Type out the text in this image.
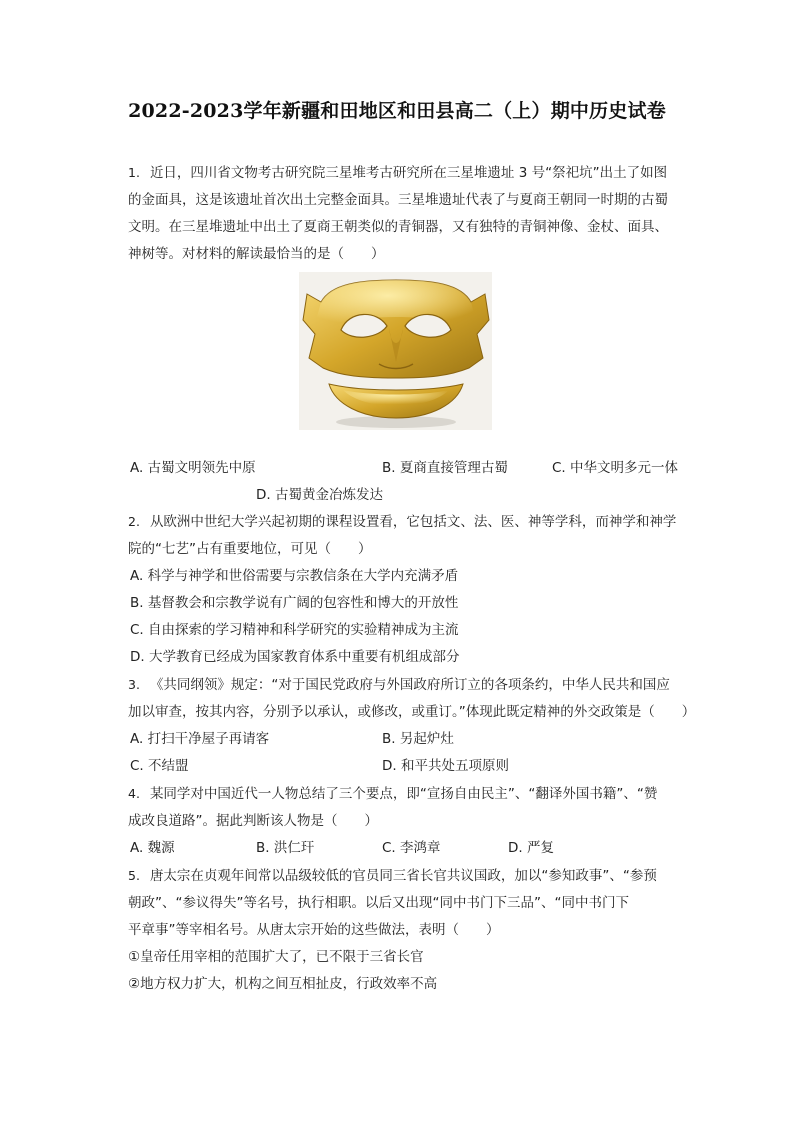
2022-2023学年新疆和田地区和田县高二（上）期中历史试卷
1. 近日，四川省文物考古研究院三星堆考古研究所在三星堆遗址 3 号“祭祀坑”出土了如图
的金面具，这是该遗址首次出土完整金面具。三星堆遗址代表了与夏商王朝同一时期的古蜀
文明。在三星堆遗址中出土了夏商王朝类似的青铜器，又有独特的青铜神像、金杖、面具、
神树等。对材料的解读最恰当的是（　　）
A. 古蜀文明领先中原	B. 夏商直接管理古蜀	C. 中华文明多元一体
D. 古蜀黄金冶炼发达
2. 从欧洲中世纪大学兴起初期的课程设置看，它包括文、法、医、神等学科，而神学和神学
院的“七艺”占有重要地位，可见（　　）
A. 科学与神学和世俗需要与宗教信条在大学内充满矛盾
B. 基督教会和宗教学说有广阔的包容性和博大的开放性
C. 自由探索的学习精神和科学研究的实验精神成为主流
D. 大学教育已经成为国家教育体系中重要有机组成部分
3. 《共同纲领》规定：“对于国民党政府与外国政府所订立的各项条约，中华人民共和国应
加以审查，按其内容，分别予以承认，或修改，或重订。”体现此既定精神的外交政策是（　　）
A. 打扫干净屋子再请客	B. 另起炉灶
C. 不结盟	D. 和平共处五项原则
4. 某同学对中国近代一人物总结了三个要点，即“宣扬自由民主”、“翻译外国书籍”、“赞
成改良道路”。据此判断该人物是（　　）
A. 魏源	B. 洪仁玕	C. 李鸿章	D. 严复
5. 唐太宗在贞观年间常以品级较低的官员同三省长官共议国政，加以“参知政事”、“参预
朝政”、“参议得失”等名号，执行相职。以后又出现“同中书门下三品”、“同中书门下
平章事”等宰相名号。从唐太宗开始的这些做法，表明（　　）
①皇帝任用宰相的范围扩大了，已不限于三省长官
②地方权力扩大，机构之间互相扯皮，行政效率不高
